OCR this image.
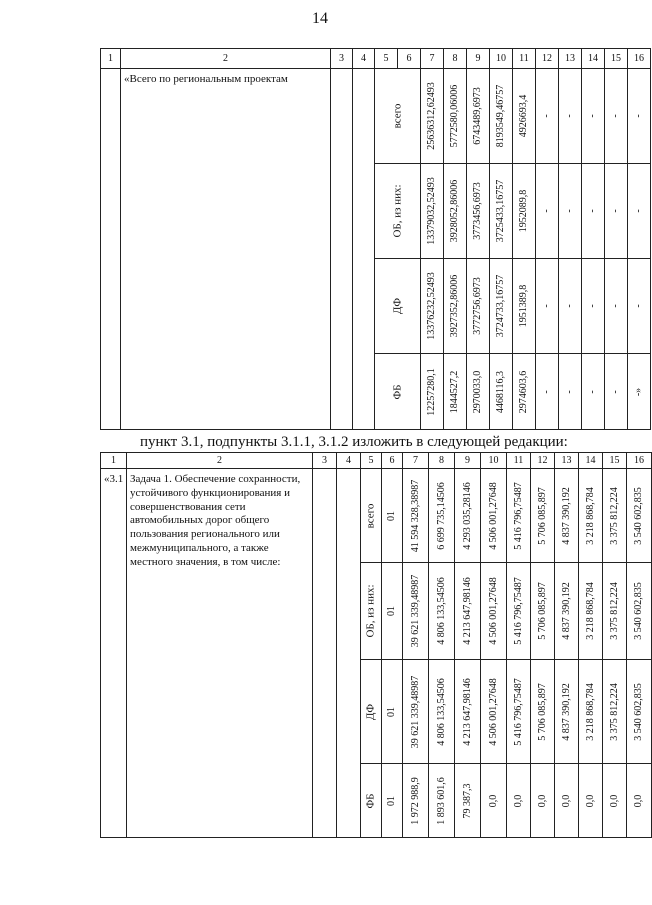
14
1	2	3	4	5	6	7	8	9	10	11	12	13	14	15	16
	«Всего по региональным проектам			всего		25636312,62493	5772580,06006	6743489,6973	8193549,46757	4926693,4	-	-	-	-	-

				ОБ, из них:		13379032,52493	3928052,86006	3773456,6973	3725433,16757	1952089,8	-	-	-	-	-

				ДФ		13376232,52493	3927352,86006	3772756,6973	3724733,16757	1951389,8	-	-	-	-	-

				ФБ		12257280,1	1844527,2	2970033,0	4468116,3	2974603,6	-	-	-	-	-»
пункт 3.1, подпункты 3.1.1, 3.1.2 изложить в следующей редакции:
1	2	3	4	5	6	7	8	9	10	11	12	13	14	15	16
«3.1	Задача 1. Обеспечение сохранности, устойчивого функционирования и совершенствования сети автомобильных дорог общего пользования регионального или межмуниципального, а также местного значения, в том числе:			всего	01	41 594 328,38987	6 699 735,14506	4 293 035,28146	4 506 001,27648	5 416 796,75487	5 706 085,897	4 837 390,192	3 218 868,784	3 375 812,224	3 540 602,835

				ОБ, из них:	01	39 621 339,48987	4 806 133,54506	4 213 647,98146	4 506 001,27648	5 416 796,75487	5 706 085,897	4 837 390,192	3 218 868,784	3 375 812,224	3 540 602,835

				ДФ	01	39 621 339,48987	4 806 133,54506	4 213 647,98146	4 506 001,27648	5 416 796,75487	5 706 085,897	4 837 390,192	3 218 868,784	3 375 812,224	3 540 602,835

				ФБ	01	1 972 988,9	1 893 601,6	79 387,3	0,0	0,0	0,0	0,0	0,0	0,0	0,0
